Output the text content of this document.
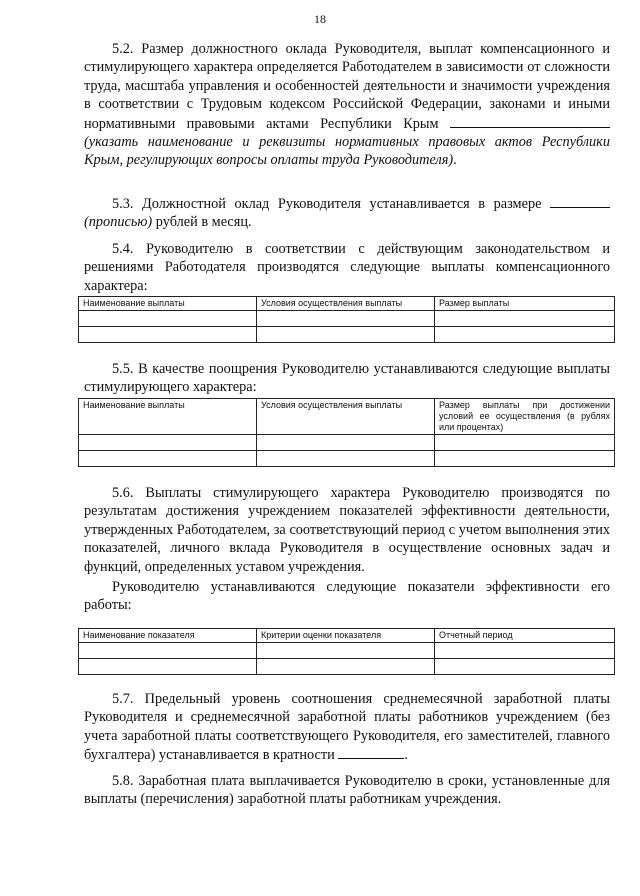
18

5.2. Размер должностного оклада Руководителя, выплат компенсационного и стимулирующего характера определяется Работодателем в зависимости от сложности труда, масштаба управления и особенностей деятельности и значимости учреждения в соответствии с Трудовым кодексом Российской Федерации, законами и иными нормативными правовыми актами Республики Крым  (указать наименование и реквизиты нормативных правовых актов Республики Крым, регулирующих вопросы оплаты труда Руководителя).

5.3. Должностной оклад Руководителя устанавливается в размере (прописью) рублей в месяц.

5.4. Руководителю в соответствии с действующим законодательством и решениями Работодателя производятся следующие выплаты компенсационного характера:

Наименование выплаты	Условия осуществления выплаты	Размер выплаты

5.5. В качестве поощрения Руководителю устанавливаются следующие выплаты стимулирующего характера:

Наименование выплаты	Условия осуществления выплаты	Размер выплаты при достижении условий ее осуществления (в рублях или процентах)

5.6. Выплаты стимулирующего характера Руководителю производятся по результатам достижения учреждением показателей эффективности деятельности, утвержденных Работодателем, за соответствующий период с учетом выполнения этих показателей, личного вклада Руководителя в осуществление основных задач и функций, определенных уставом учреждения.

Руководителю устанавливаются следующие показатели эффективности его работы:

Наименование показателя	Критерии оценки показателя	Отчетный период

5.7. Предельный уровень соотношения среднемесячной заработной платы Руководителя и среднемесячной заработной платы работников учреждением (без учета заработной платы соответствующего Руководителя, его заместителей, главного бухгалтера) устанавливается в кратности	.

5.8. Заработная плата выплачивается Руководителю в сроки, установленные для выплаты (перечисления) заработной платы работникам учреждения.
